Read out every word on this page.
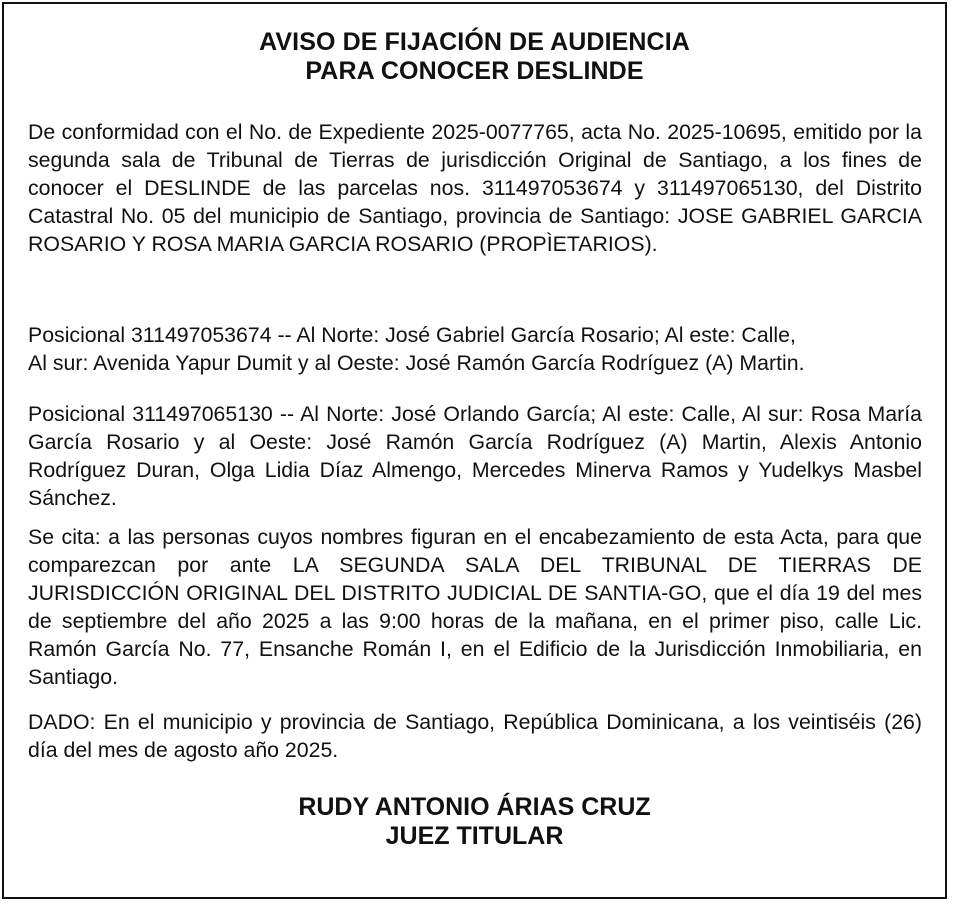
AVISO DE FIJACIÓN DE AUDIENCIA
PARA CONOCER DESLINDE

De conformidad con el No. de Expediente 2025-0077765, acta No. 2025-10695, emitido por la segunda sala de Tribunal de Tierras de jurisdicción Original de Santiago, a los fines de conocer el DESLINDE de las parcelas nos. 311497053674 y 311497065130, del Distrito Catastral No. 05 del municipio de Santiago, provincia de Santiago: JOSE GABRIEL GARCIA ROSARIO Y ROSA MARIA GARCIA ROSARIO (PROPÌETARIOS).

Posicional 311497053674 -- Al Norte: José Gabriel García Rosario; Al este: Calle,
Al sur: Avenida Yapur Dumit y al Oeste: José Ramón García Rodríguez (A) Martin.

Posicional 311497065130 -- Al Norte: José Orlando García; Al este: Calle, Al sur: Rosa María García Rosario y al Oeste: José Ramón García Rodríguez (A) Martin, Alexis Antonio Rodríguez Duran, Olga Lidia Díaz Almengo, Mercedes Minerva Ramos y Yudelkys Masbel Sánchez.

Se cita: a las personas cuyos nombres figuran en el encabezamiento de esta Acta, para que comparezcan por ante LA SEGUNDA SALA DEL TRIBUNAL DE TIERRAS DE JURISDICCIÓN ORIGINAL DEL DISTRITO JUDICIAL DE SANTIA-GO, que el día 19 del mes de septiembre del año 2025 a las 9:00 horas de la mañana, en el primer piso, calle Lic. Ramón García No. 77, Ensanche Román I, en el Edificio de la Jurisdicción Inmobiliaria, en Santiago.

DADO: En el municipio y provincia de Santiago, República Dominicana, a los veintiséis (26) día del mes de agosto año 2025.

RUDY ANTONIO ÁRIAS CRUZ
JUEZ TITULAR
